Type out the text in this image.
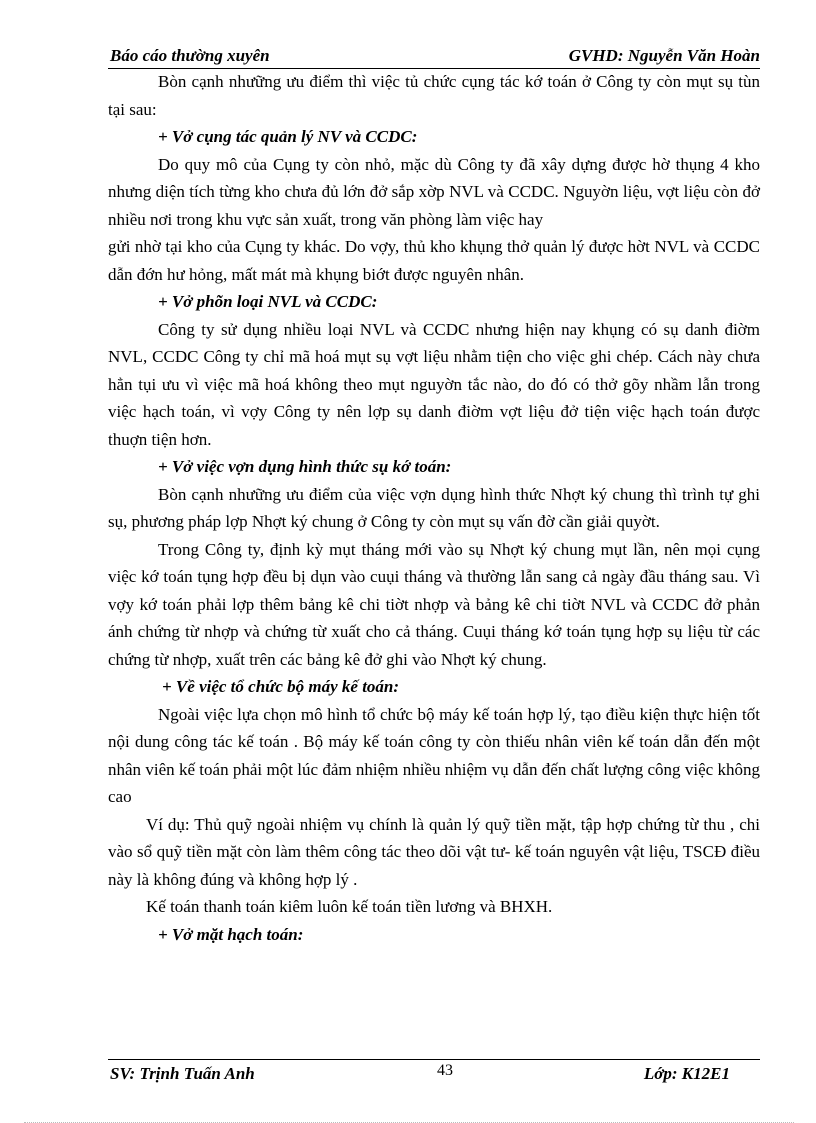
Báo cáo thường xuyên	GVHD: Nguyễn Văn Hoàn

Bòn cạnh nhưững ưu điểm thì việc tủ chức cụng tác kớ toán ở Công ty còn mụt sụ tùn tại sau:

+ Vở cụng tác quản lý NV và CCDC:

Do quy mô của Cụng ty còn nhỏ, mặc dù Công ty đã xây dựng được hờ thụng 4 kho nhưng diện tích từng kho chưa đủ lớn đở sắp xờp NVL và CCDC. Nguyờn liệu, vợt liệu còn đở nhiều nơi trong khu vực sản xuất, trong văn phòng làm việc hay

gửi nhờ tại kho của Cụng ty khác. Do vợy, thủ kho khụng thở quản lý được hờt NVL và CCDC dẫn đớn hư hỏng, mất mát mà khụng biớt được nguyên nhân.

+ Vở phõn loại NVL và CCDC:

Công ty sử dụng nhiều loại NVL và CCDC nhưng hiện nay khụng có sụ danh điờm NVL, CCDC Công ty chỉ mã hoá mụt sụ vợt liệu nhằm tiện cho việc ghi chép. Cách này chưa hẳn tụi ưu vì việc mã hoá không theo mụt nguyờn tắc nào, do đó có thở gõy nhầm lẫn trong việc hạch toán, vì vợy Công ty nên lợp sụ danh điờm vợt liệu đở tiện việc hạch toán được thuợn tiện hơn.

+ Vở việc vợn dụng hình thức sụ kớ toán:

Bòn cạnh nhưững ưu điểm của việc vợn dụng hình thức Nhợt ký chung thì trình tự ghi sụ, phương pháp lợp Nhợt ký chung ở Công ty còn mụt sụ vấn đờ cần giải quyờt.

Trong Công ty, định kỳ mụt tháng mới vào sụ Nhợt ký chung mụt lần, nên mọi cụng việc kớ toán tụng hợp đều bị dụn vào cuụi tháng và thường lẫn sang cả ngày đầu tháng sau. Vì vợy kớ toán phải lợp thêm bảng kê chi tiờt nhợp và bảng kê chi tiờt NVL và CCDC đở phản ánh chứng từ nhợp và chứng từ xuất cho cả tháng. Cuụi tháng kớ toán tụng hợp sụ liệu từ các chứng từ nhợp, xuất trên các bảng kê đở ghi vào Nhợt ký chung.

+ Về việc tổ chức bộ máy kế toán:

Ngoài việc lựa chọn mô hình tổ chức bộ máy kế toán hợp lý, tạo điều kiện thực hiện tốt nội dung công tác kế toán . Bộ máy kế toán công ty còn thiếu nhân viên kế toán dẫn đến một nhân viên kế toán phải một lúc đảm nhiệm nhiều nhiệm vụ dẫn đến chất lượng công việc không cao

Ví dụ: Thủ quỹ ngoài nhiệm vụ chính là quản lý quỹ tiền mặt, tập hợp chứng từ thu , chi vào sổ quỹ tiền mặt còn làm thêm công tác theo dõi vật tư- kế toán nguyên vật liệu, TSCĐ điều này là không đúng và không hợp lý .

Kế toán thanh toán kiêm luôn kế toán tiền lương và BHXH.

+ Vở mặt hạch toán:

SV: Trịnh Tuấn Anh	Lớp: K12E1
43
